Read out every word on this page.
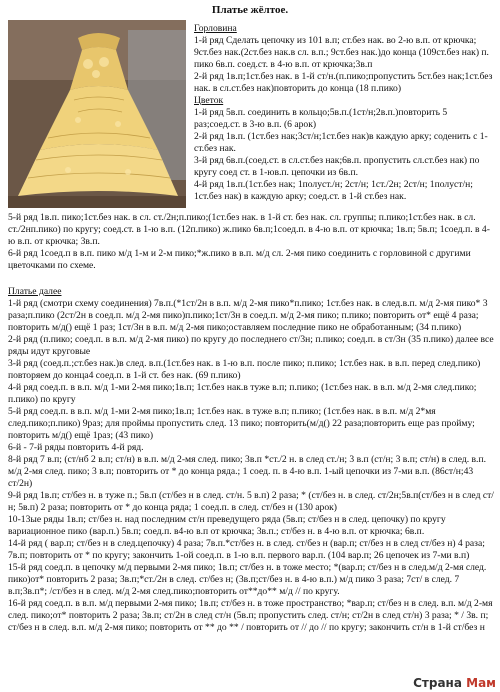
Платье жёлтое.
Горловина

1-й ряд Сделать цепочку из 101 в.п; ст.без нак. во 2-ю в.п. от крючка; 9ст.без нак.(2ст.без нак.в сл. в.п.; 9ст.без нак.)до конца (109ст.без нак) п. пико 6в.п. соед.ст. в 4-ю в.п. от крючка;3в.п

2-й ряд 1в.п;1ст.без нак. в 1-й ст/н.(п.пико;пропустить 5ст.без нак;1ст.без нак. в сл.ст.без нак)повторить до конца (18 п.пико)

Цветок

1-й ряд 5в.п. соединить в кольцо;5в.п.(1ст/н;2в.п.)повторить 5 раз;соед.ст. в 3-ю в.п. (6 арок)

2-й ряд 1в.п. (1ст.без нак;3ст/н;1ст.без нак)в каждую арку; соденить с 1-ст.без нак.

3-й ряд 6в.п.(соед.ст. в сл.ст.без нак;6в.п. пропустить сл.ст.без нак) по кругу соед ст. в 1-юв.п. цепочки из 6в.п.

4-й ряд 1в.п.(1ст.без нак; 1полуст./н; 2ст/н; 1ст./2н; 2ст/н; 1полуст/н; 1ст.без нак) в каждую арку; соед.ст. в 1-й ст.без нак.

5-й ряд 1в.п. пико;1ст.без нак. в сл. ст./2н;п.пико;(1ст.без нак. в 1-й ст. без нак. сл. группы; п.пико;1ст.без нак. в сл. ст./2нп.пико) по кругу; соед.ст. в 1-ю в.п. (12п.пико) ж.пико 6в.п;1соед.п. в 4-ю в.п. от крючка; 1в.п; 5в.п; 1соед.п. в 4-ю в.п. от крючка; 3в.п.

6-й ряд 1соед.п в в.п. пико м/д 1-м и 2-м пико;*ж.пико в в.п. м/д сл. 2-мя пико соединить с горловиной с другими цветочками по схеме.

Платье далее

1-й ряд (смотри схему соединения) 7в.п.(*1ст/2н в в.п. м/д 2-мя пико*п.пико; 1ст.без нак. в след.в.п. м/д 2-мя пико* 3 раза;п.пико (2ст/2н в соед.п. м/д 2-мя пико)п.пико;1ст/3н в соед.п. м/д 2-мя пико; п.пико; повторить от* ещё 4 раза; повторить м/д() ещё 1 раз; 1ст/3н в в.п. м/д 2-мя пико;оставляем последние пико не обработанным; (34 п.пико)

2-й ряд (п.пико; соед.п. в в.п. м/д 2-мя пико) по кругу до последнего ст/3н; п.пико; соед.п. в ст/3н (35 п.пико) далее все ряды идут круговые

3-й ряд (соед.п.;ст.без нак.)в след. в.п.(1ст.без нак. в 1-ю в.п. после пико; п.пико; 1ст.без нак. в в.п. перед след.пико) повторяем до конца4 соед.п. в 1-й ст. без нак. (69 п.пико)

4-й ряд соед.п. в в.п. м/д 1-ми 2-мя пико;1в.п; 1ст.без нак.в туже в.п; п.пико; (1ст.без нак. в в.п. м/д 2-мя след.пико; п.пико) по кругу

5-й ряд соед.п. в в.п. м/д 1-ми 2-мя пико;1в.п; 1ст.без нак. в туже в.п; п.пико; (1ст.без нак. в в.п. м/д 2*мя след.пико;п.пико) 9раз; для проймы пропустить след. 13 пико; повторить(м/д() 22 раза;повторить еще раз пройму; повторить м/д() ещё 1раз; (43 пико)

6-й - 7-й ряды повторить 4-й ряд.

8-й ряд 7 в.п; (ст/нб 2 в.п; ст/н) в в.п. м/д 2-мя след. пико; 3в.п *ст./2 н. в след ст./н; 3 в.п (ст/н; 3 в.п; ст/н) в след. в.п. м/д 2-мя след. пико; 3 в.п; повторить от * до конца ряда.; 1 соед. п. в 4-ю в.п. 1-ый цепочки из 7-ми в.п. (86ст/н;43 ст/2н)

9-й ряд 1в.п; ст/без н. в туже п.; 5в.п (ст/без н в след. ст/н. 5 в.п) 2 раза; * (ст/без н. в след. ст/2н;5в.п(ст/без н в след ст/н; 5в.п) 2 раза; повторить от * до конца ряда; 1 соед.п. в след. ст/без н (130 арок)

10-13ые ряды 1в.п; ст/без н. над последним ст/н преведущего ряда (5в.п; ст/без н в след. цепочку) по кругу вариационное пико (вар.п.) 5в.п; соед.п. в4-ю в.п от крючка; 3в.п.; ст/без н. в 4-ю в.п. от крючка; 6в.п.

14-й ряд ( вар.п; ст/без н в след.цепочку) 4 раза; 7в.п.*ст/без н. в след. ст/без н (вар.п; ст/без н в след ст/без н) 4 раза; 7в.п; повторить от * по кругу; закончить 1-ой соед.п. в 1-ю в.п. первого вар.п. (104 вар.п; 26 цепочек из 7-ми в.п)

15-й ряд соед.п. в цепочку м/д первыми 2-мя пико; 1в.п; ст/без н. в тоже место; *(вар.п; ст/без н в след.м/д 2-мя след. пико)от* повторить 2 раза; 3в.п;*ст./2н в след. ст/без н; (3в.п;ст/без н. в 4-ю в.п.) м/д пико 3 раза; 7ст/ в след. 7 в.п;3в.п*; /ст/без н в след. м/д 2-мя след.пико;повторить от**до** м/д // по кругу.

16-й ряд соед.п. в в.п. м/д первыми 2-мя пико; 1в.п; ст/без н. в тоже пространство; *вар.п; ст/без н в след. в.п. м/д 2-мя след. пико;от* повторить 2 раза; 3в.п; ст/2н в след ст/н (5в.п; пропустить след. ст/н; ст/2н в след ст/н) 3 раза; * / 3в. п; ст/без н в след. в.п. м/д 2-мя пико; повторить от ** до ** / повторить от // до // по кругу; закончить ст/н в 1-й ст/без н

Страна Мам
